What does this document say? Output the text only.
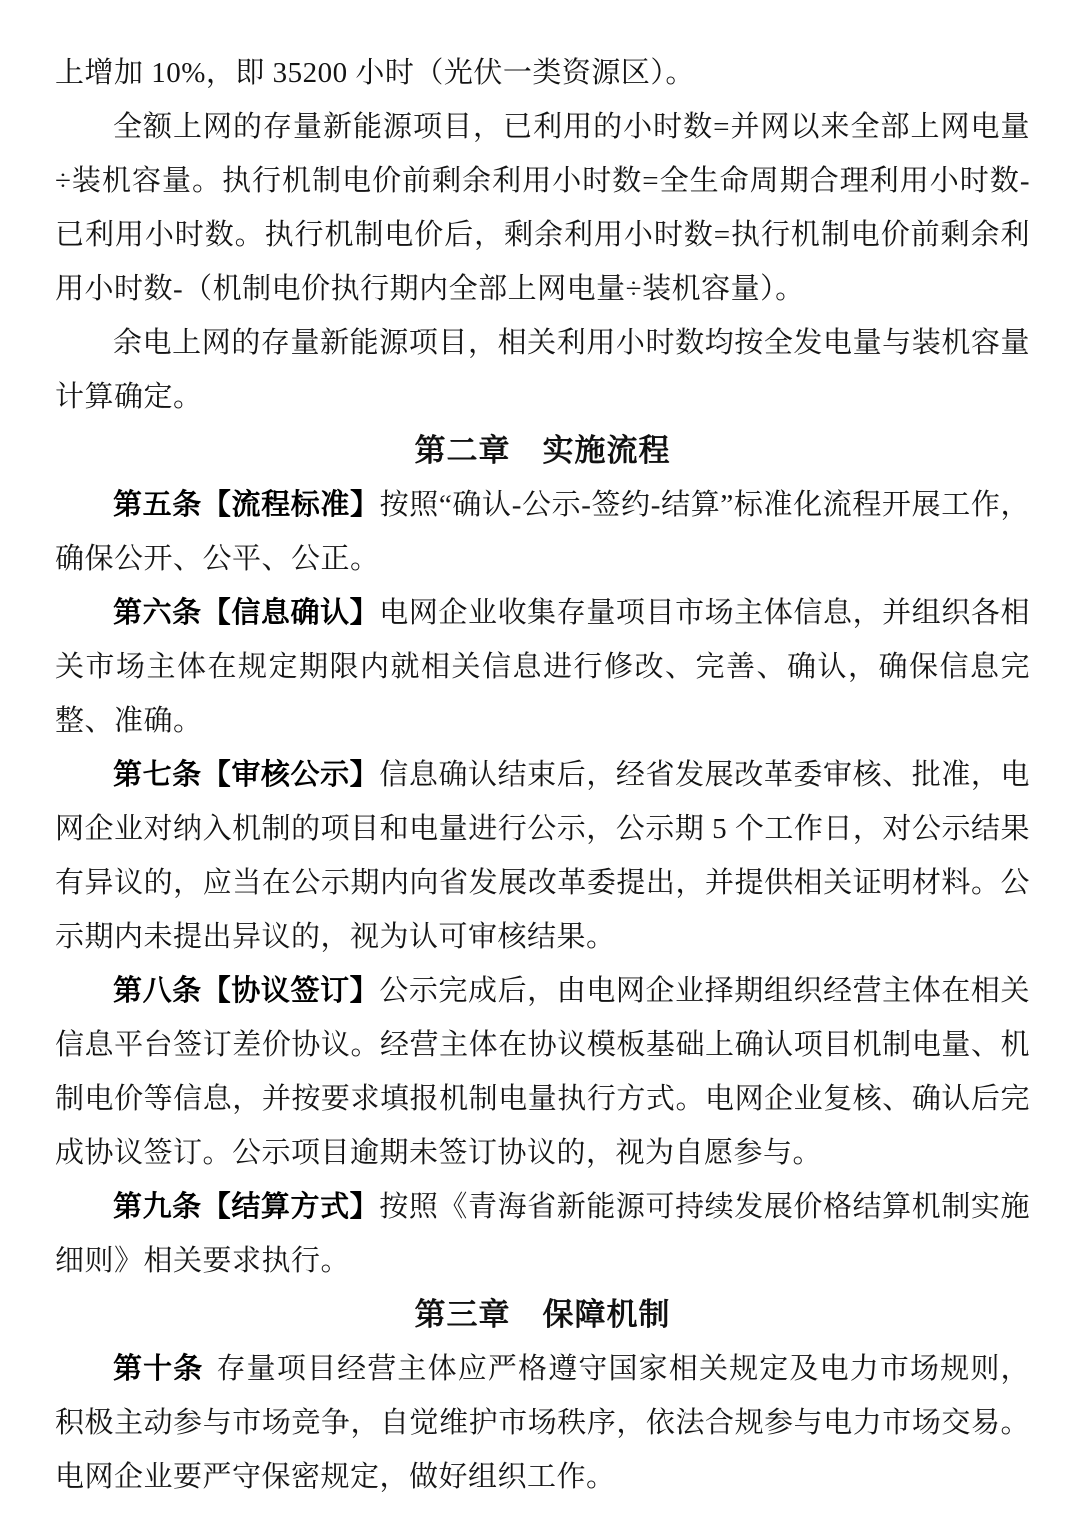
上增加 10%，即 35200 小时（光伏一类资源区）。

全额上网的存量新能源项目，已利用的小时数=并网以来全部上网电量÷装机容量。执行机制电价前剩余利用小时数=全生命周期合理利用小时数-已利用小时数。执行机制电价后，剩余利用小时数=执行机制电价前剩余利用小时数-（机制电价执行期内全部上网电量÷装机容量）。

余电上网的存量新能源项目，相关利用小时数均按全发电量与装机容量计算确定。

第二章　实施流程

第五条【流程标准】按照“确认-公示-签约-结算”标准化流程开展工作，确保公开、公平、公正。

第六条【信息确认】电网企业收集存量项目市场主体信息，并组织各相关市场主体在规定期限内就相关信息进行修改、完善、确认，确保信息完整、准确。

第七条【审核公示】信息确认结束后，经省发展改革委审核、批准，电网企业对纳入机制的项目和电量进行公示，公示期 5 个工作日，对公示结果有异议的，应当在公示期内向省发展改革委提出，并提供相关证明材料。公示期内未提出异议的，视为认可审核结果。

第八条【协议签订】公示完成后，由电网企业择期组织经营主体在相关信息平台签订差价协议。经营主体在协议模板基础上确认项目机制电量、机制电价等信息，并按要求填报机制电量执行方式。电网企业复核、确认后完成协议签订。公示项目逾期未签订协议的，视为自愿参与。

第九条【结算方式】按照《青海省新能源可持续发展价格结算机制实施细则》相关要求执行。

第三章　保障机制

第十条 存量项目经营主体应严格遵守国家相关规定及电力市场规则，积极主动参与市场竞争，自觉维护市场秩序，依法合规参与电力市场交易。电网企业要严守保密规定，做好组织工作。
